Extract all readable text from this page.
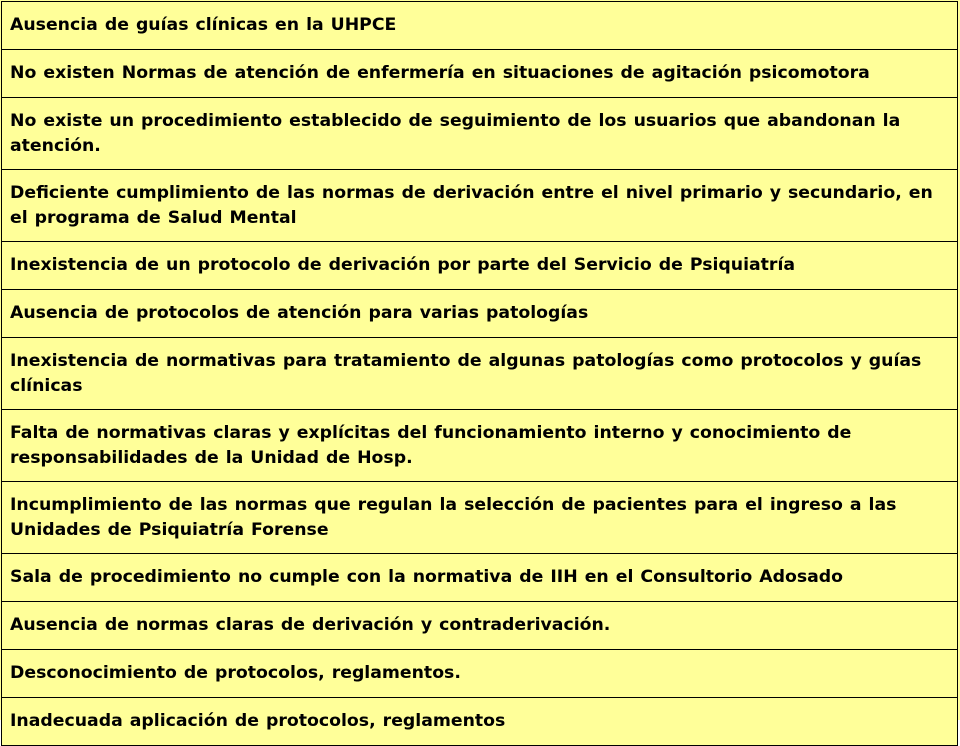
Ausencia de guías clínicas en la UHPCE
No existen Normas de atención de enfermería en situaciones de agitación psicomotora
No existe un procedimiento establecido de seguimiento de los usuarios que abandonan la atención.
Deficiente cumplimiento de las normas de derivación entre el nivel primario y secundario, en el programa de Salud Mental
Inexistencia de un protocolo de derivación por parte del Servicio de Psiquiatría
Ausencia de protocolos de atención para varias patologías
Inexistencia de normativas para tratamiento de algunas patologías como protocolos y guías clínicas
Falta de normativas claras y explícitas del funcionamiento interno y conocimiento de responsabilidades de la Unidad de Hosp.
Incumplimiento de las normas que regulan la selección de pacientes para el ingreso a las Unidades de Psiquiatría Forense
Sala de procedimiento no cumple con la normativa de IIH en el Consultorio Adosado
Ausencia de normas claras de derivación y contraderivación.
Desconocimiento de protocolos, reglamentos.
Inadecuada aplicación de protocolos, reglamentos
